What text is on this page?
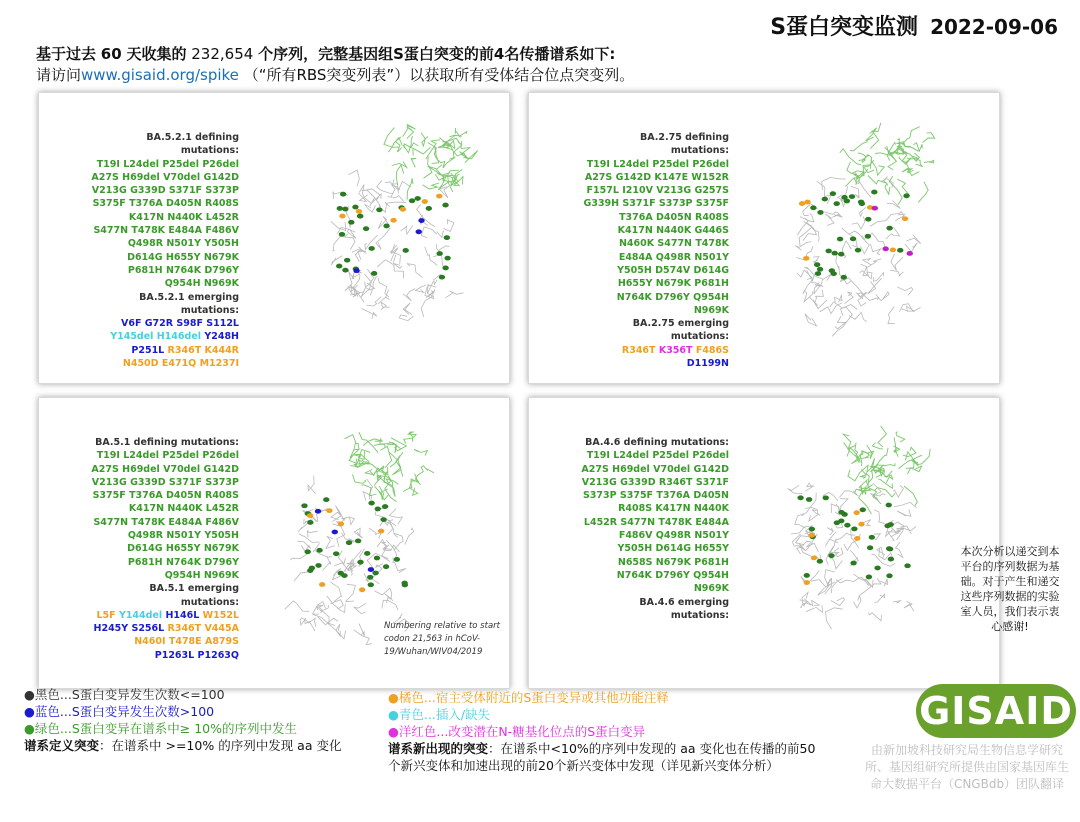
S蛋白突变监测 2022-09-06
基于过去 60 天收集的 232,654 个序列，完整基因组S蛋白突变的前4名传播谱系如下:
请访问www.gisaid.org/spike （“所有RBS突变列表”）以获取所有受体结合位点突变列。
BA.5.2.1 defining
mutations:
T19I L24del P25del P26del
A27S H69del V70del G142D
V213G G339D S371F S373P
S375F T376A D405N R408S
K417N N440K L452R
S477N T478K E484A F486V
Q498R N501Y Y505H
D614G H655Y N679K
P681H N764K D796Y
Q954H N969K
BA.5.2.1 emerging
mutations:
V6F G72R S98F S112L
Y145del H146del Y248H
P251L R346T K444R
N450D E471Q M1237I
BA.2.75 defining
mutations:
T19I L24del P25del P26del
A27S G142D K147E W152R
F157L I210V V213G G257S
G339H S371F S373P S375F
T376A D405N R408S
K417N N440K G446S
N460K S477N T478K
E484A Q498R N501Y
Y505H D574V D614G
H655Y N679K P681H
N764K D796Y Q954H
N969K
BA.2.75 emerging
mutations:
R346T K356T F486S
D1199N
BA.5.1 defining mutations:
T19I L24del P25del P26del
A27S H69del V70del G142D
V213G G339D S371F S373P
S375F T376A D405N R408S
K417N N440K L452R
S477N T478K E484A F486V
Q498R N501Y Y505H
D614G H655Y N679K
P681H N764K D796Y
Q954H N969K
BA.5.1 emerging
mutations:
L5F Y144del H146L W152L
H245Y S256L R346T V445A
N460I T478E A879S
P1263L P1263Q
Numbering relative to start
codon 21,563 in hCoV-
19/Wuhan/WIV04/2019
BA.4.6 defining mutations:
T19I L24del P25del P26del
A27S H69del V70del G142D
V213G G339D R346T S371F
S373P S375F T376A D405N
R408S K417N N440K
L452R S477N T478K E484A
F486V Q498R N501Y
Y505H D614G H655Y
N658S N679K P681H
N764K D796Y Q954H
N969K
BA.4.6 emerging
mutations:
●黑色...S蛋白变异发生次数<=100
●蓝色...S蛋白变异发生次数>100
●绿色...S蛋白变异在谱系中≥ 10%的序列中发生
谱系定义突变：在谱系中 >=10% 的序列中发现 aa 变化
●橘色...宿主受体附近的S蛋白变异或其他功能注释
●青色...插入/缺失
●洋红色...改变潜在N-糖基化位点的S蛋白变异
谱系新出现的突变：在谱系中<10%的序列中发现的 aa 变化也在传播的前50
个新兴变体和加速出现的前20个新兴变体中发现（详见新兴变体分析）
本次分析以递交到本平台的序列数据为基础。对于产生和递交这些序列数据的实验室人员，我们表示衷心感谢!
GISAID
由新加坡科技研究局生物信息学研究所、基因组研究所提供由国家基因库生命大数据平台（CNGBdb）团队翻译
